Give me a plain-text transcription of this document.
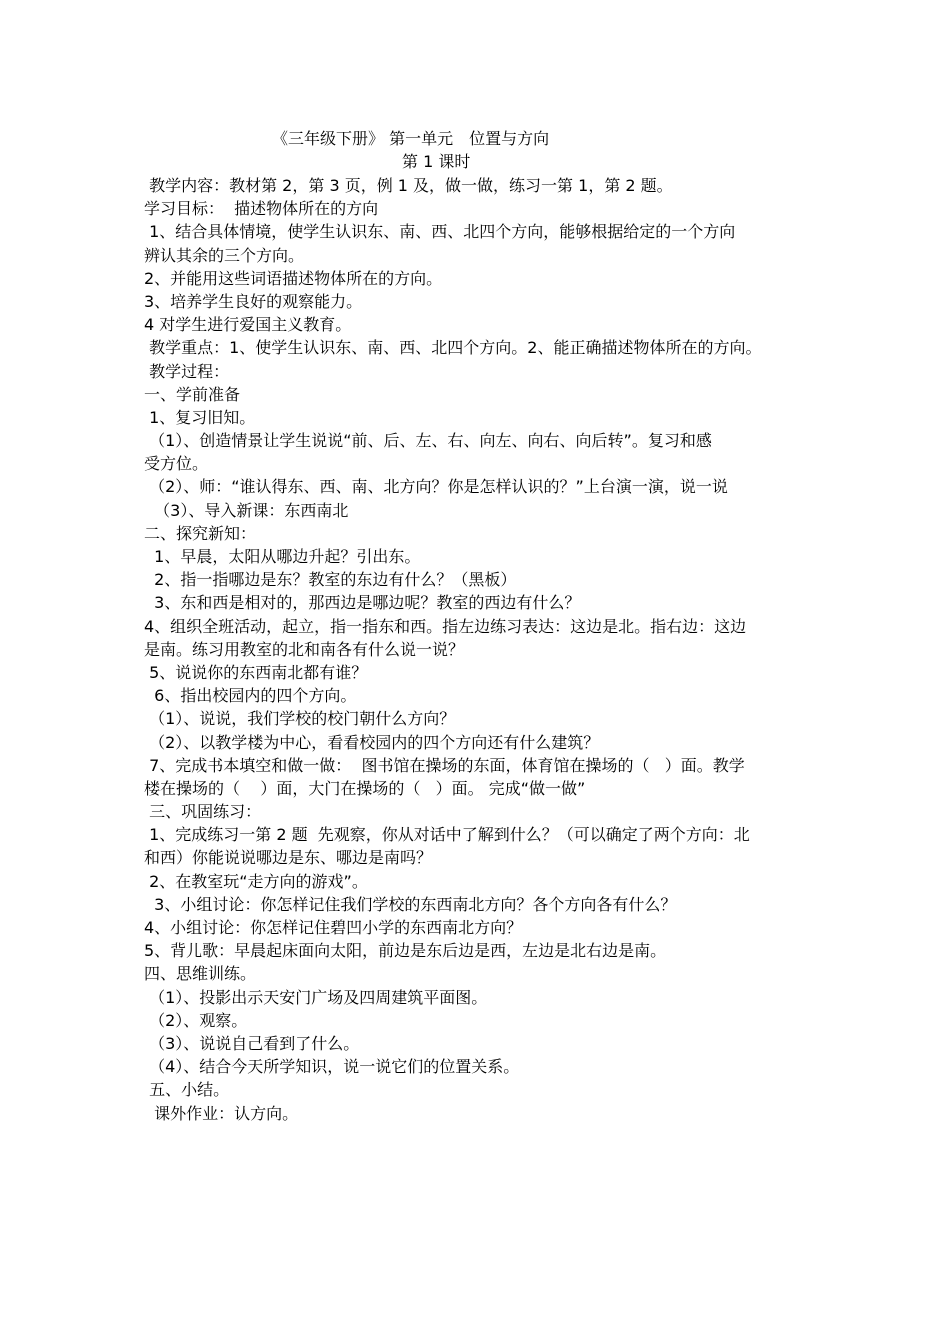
《三年级下册》 第一单元　位置与方向
第 1 课时
教学内容：教材第 2，第 3 页，例 1 及，做一做，练习一第 1，第 2 题。
学习目标：  描述物体所在的方向
1、结合具体情境，使学生认识东、南、西、北四个方向，能够根据给定的一个方向
辨认其余的三个方向。
2、并能用这些词语描述物体所在的方向。
3、培养学生良好的观察能力。
4 对学生进行爱国主义教育。
教学重点：1、使学生认识东、南、西、北四个方向。2、能正确描述物体所在的方向。
教学过程：
一、学前准备
1、复习旧知。
（1）、创造情景让学生说说“前、后、左、右、向左、向右、向后转”。复习和感
受方位。
（2）、师：“谁认得东、西、南、北方向？你是怎样认识的？”上台演一演，说一说
（3）、导入新课：东西南北
二、探究新知：
1、早晨，太阳从哪边升起？引出东。
2、指一指哪边是东？教室的东边有什么？（黑板）
3、东和西是相对的，那西边是哪边呢？教室的西边有什么？
4、组织全班活动，起立，指一指东和西。指左边练习表达：这边是北。指右边：这边
是南。练习用教室的北和南各有什么说一说？
5、说说你的东西南北都有谁？
6、指出校园内的四个方向。
（1）、说说，我们学校的校门朝什么方向？
（2）、以教学楼为中心，看看校园内的四个方向还有什么建筑？
7、完成书本填空和做一做：  图书馆在操场的东面，体育馆在操场的（   ）面。教学
楼在操场的（    ）面，大门在操场的（   ）面。 完成“做一做”
三、巩固练习：
1、完成练习一第 2 题  先观察，你从对话中了解到什么？（可以确定了两个方向：北
和西）你能说说哪边是东、哪边是南吗？
2、在教室玩“走方向的游戏”。
3、小组讨论：你怎样记住我们学校的东西南北方向？各个方向各有什么？
4、小组讨论：你怎样记住碧凹小学的东西南北方向？
5、背儿歌：早晨起床面向太阳，前边是东后边是西，左边是北右边是南。
四、思维训练。
（1）、投影出示天安门广场及四周建筑平面图。
（2）、观察。
（3）、说说自己看到了什么。
（4）、结合今天所学知识，说一说它们的位置关系。
五、小结。
课外作业：认方向。
